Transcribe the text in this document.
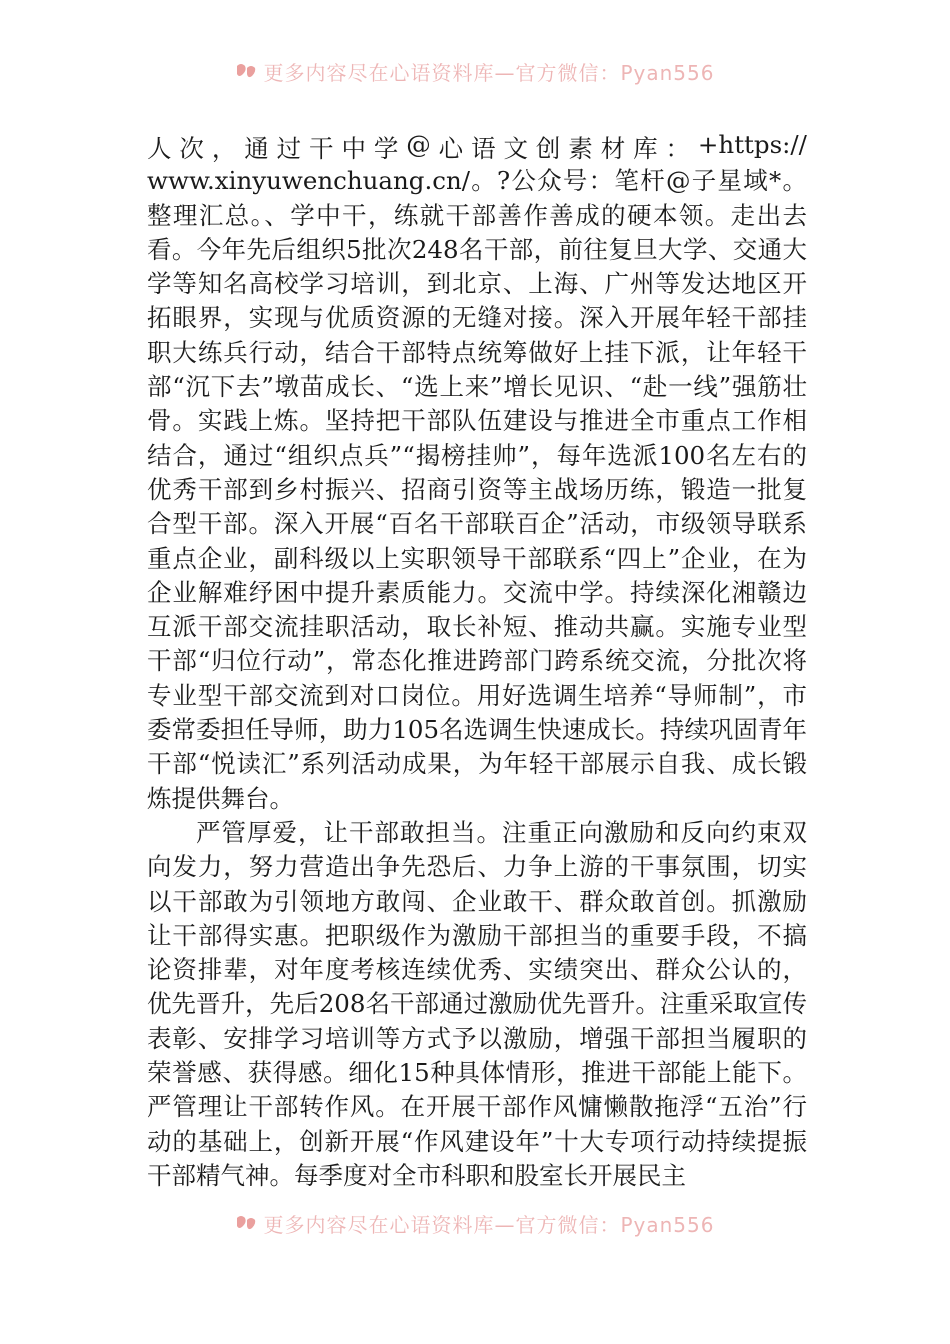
更多内容尽在心语资料库—官方微信：Pyan556
人 次 ， 通 过 干 中 学 @ 心 语 文 创 素 材 库 ： +https://

www.xinyuwenchuang.cn/。?公众号：笔杆@子星域*。整理汇总。、学中干，练就干部善作善成的硬本领。走出去看。今年先后组织5批次248名干部，前往复旦大学、交通大学等知名高校学习培训，到北京、上海、广州等发达地区开拓眼界，实现与优质资源的无缝对接。深入开展年轻干部挂职大练兵行动，结合干部特点统筹做好上挂下派，让年轻干部“沉下去”墩苗成长、“选上来”增长见识、“赴一线”强筋壮骨。实践上炼。坚持把干部队伍建设与推进全市重点工作相结合，通过“组织点兵”“揭榜挂帅”，每年选派100名左右的优秀干部到乡村振兴、招商引资等主战场历练，锻造一批复合型干部。深入开展“百名干部联百企”活动，市级领导联系重点企业，副科级以上实职领导干部联系“四上”企业，在为企业解难纾困中提升素质能力。交流中学。持续深化湘赣边互派干部交流挂职活动，取长补短、推动共赢。实施专业型干部“归位行动”，常态化推进跨部门跨系统交流，分批次将专业型干部交流到对口岗位。用好选调生培养“导师制”，市委常委担任导师，助力105名选调生快速成长。持续巩固青年干部“悦读汇”系列活动成果，为年轻干部展示自我、成长锻炼提供舞台。

严管厚爱，让干部敢担当。注重正向激励和反向约束双向发力，努力营造出争先恐后、力争上游的干事氛围，切实以干部敢为引领地方敢闯、企业敢干、群众敢首创。抓激励让干部得实惠。把职级作为激励干部担当的重要手段，不搞论资排辈，对年度考核连续优秀、实绩突出、群众公认的，优先晋升，先后208名干部通过激励优先晋升。注重采取宣传表彰、安排学习培训等方式予以激励，增强干部担当履职的荣誉感、获得感。细化15种具体情形，推进干部能上能下。严管理让干部转作风。在开展干部作风慵懒散拖浮“五治”行动的基础上，创新开展“作风建设年”十大专项行动持续提振干部精气神。每季度对全市科职和股室长开展民主

更多内容尽在心语资料库—官方微信：Pyan556
